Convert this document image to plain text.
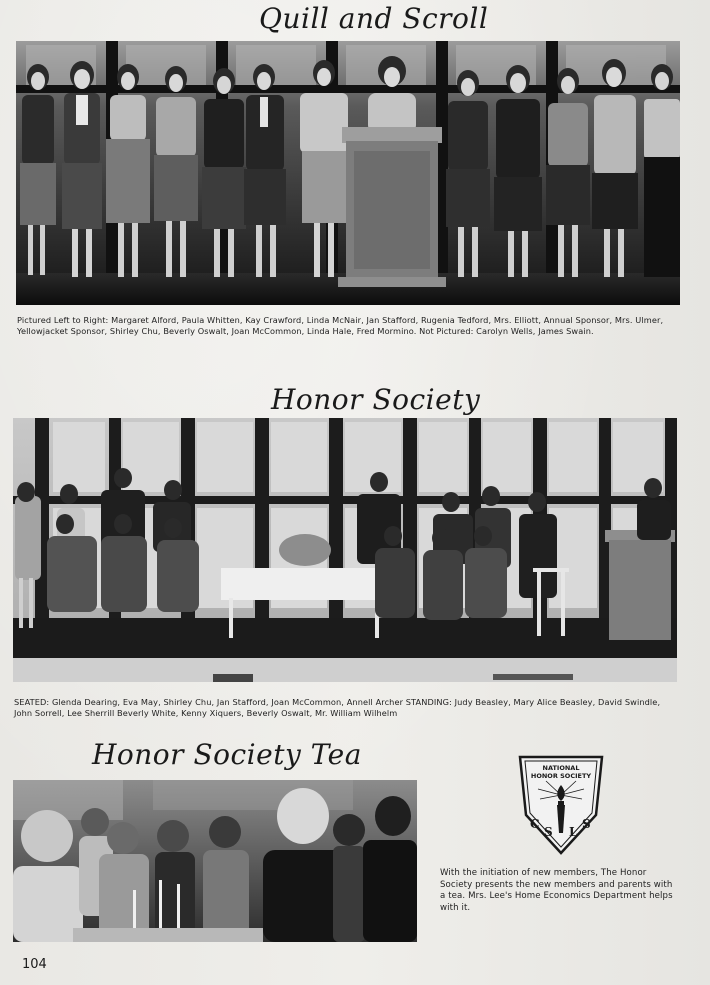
Quill and Scroll
Pictured Left to Right: Margaret Alford, Paula Whitten, Kay Crawford, Linda McNair, Jan Stafford, Rugenia Tedford, Mrs. Elliott, Annual Sponsor, Mrs. Ulmer, Yellowjacket Sponsor, Shirley Chu, Beverly Oswalt, Joan McCommon, Linda Hale, Fred Mormino. Not Pictured: Carolyn Wells, James Swain.
Honor Society
SEATED: Glenda Dearing, Eva May, Shirley Chu, Jan Stafford, Joan McCommon, Annell Archer STANDING: Judy Beasley, Mary Alice Beasley, David Swindle, John Sorrell, Lee Sherrill Beverly White, Kenny Xiquers, Beverly Oswalt, Mr. William Wilhelm
Honor Society Tea	NATIONAL
HONOR SOCIETY
C
S L
S
With the initiation of new members, The Honor Society presents the new members and parents with a tea. Mrs. Lee's Home Economics Department helps with it.
104
